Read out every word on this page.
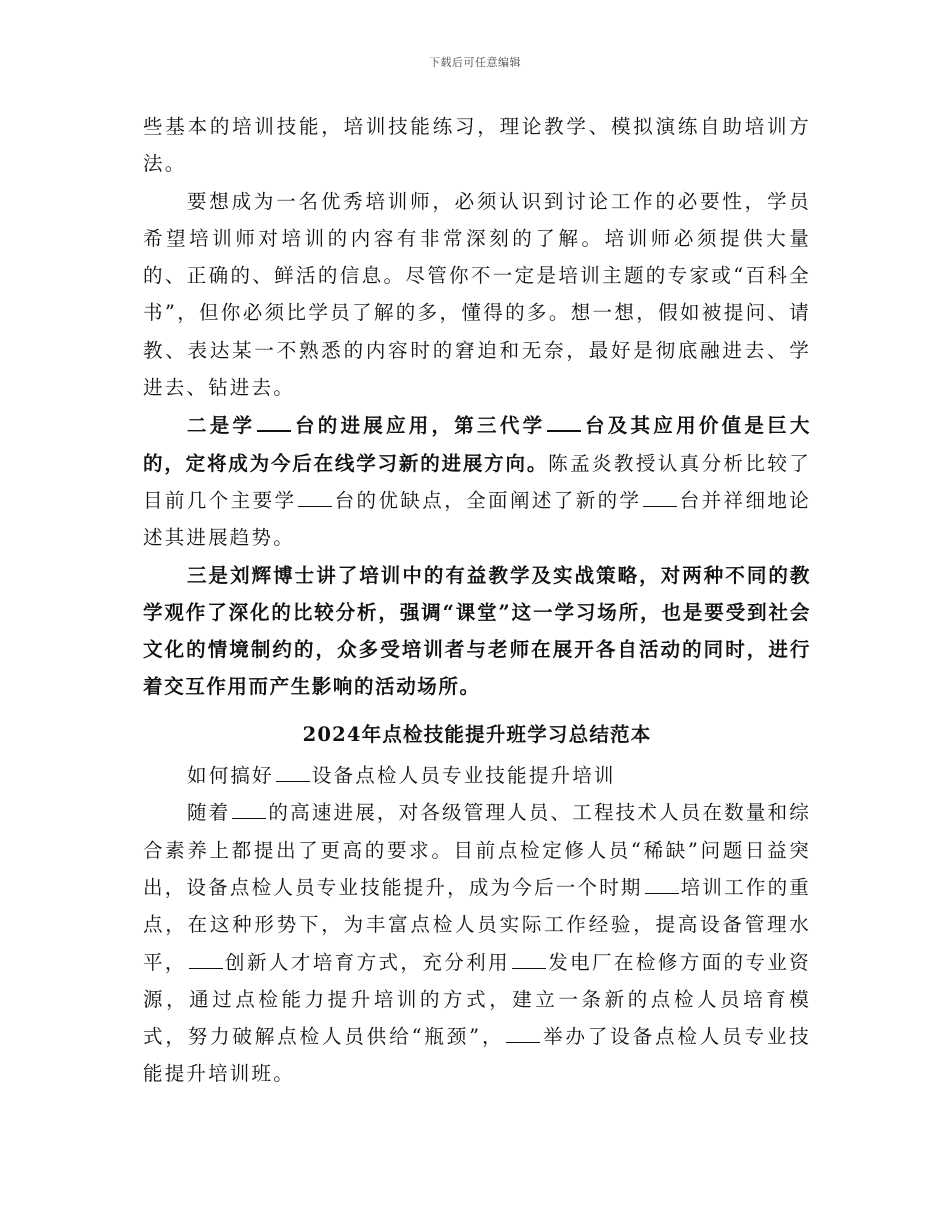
下载后可任意编辑

些基本的培训技能，培训技能练习，理论教学、模拟演练自助培训方法。

要想成为一名优秀培训师，必须认识到讨论工作的必要性，学员希望培训师对培训的内容有非常深刻的了解。培训师必须提供大量的、正确的、鲜活的信息。尽管你不一定是培训主题的专家或“百科全书”，但你必须比学员了解的多，懂得的多。想一想，假如被提问、请教、表达某一不熟悉的内容时的窘迫和无奈，最好是彻底融进去、学进去、钻进去。

二是学 台的进展应用，第三代学 台及其应用价值是巨大的，定将成为今后在线学习新的进展方向。陈孟炎教授认真分析比较了目前几个主要学 台的优缺点，全面阐述了新的学 台并祥细地论述其进展趋势。

三是刘辉博士讲了培训中的有益教学及实战策略，对两种不同的教学观作了深化的比较分析，强调“课堂”这一学习场所，也是要受到社会文化的情境制约的，众多受培训者与老师在展开各自活动的同时，进行着交互作用而产生影响的活动场所。

2024年点检技能提升班学习总结范本

如何搞好 设备点检人员专业技能提升培训

随着 的高速进展，对各级管理人员、工程技术人员在数量和综合素养上都提出了更高的要求。目前点检定修人员“稀缺”问题日益突出，设备点检人员专业技能提升，成为今后一个时期 培训工作的重点，在这种形势下，为丰富点检人员实际工作经验，提高设备管理水平， 创新人才培育方式，充分利用 发电厂在检修方面的专业资源，通过点检能力提升培训的方式，建立一条新的点检人员培育模式，努力破解点检人员供给“瓶颈”， 举办了设备点检人员专业技能提升培训班。
